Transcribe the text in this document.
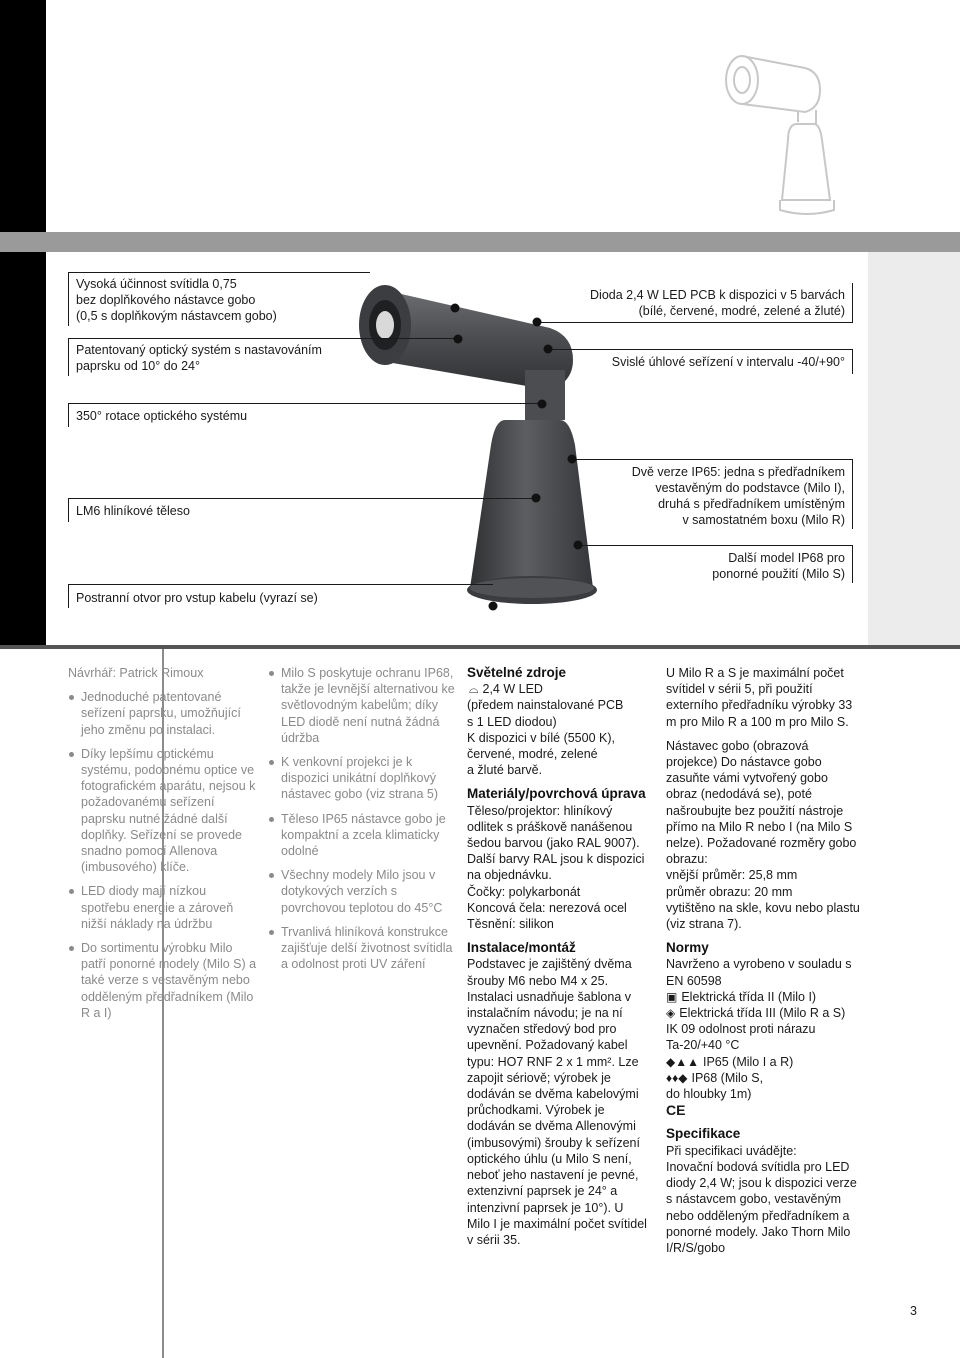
Vysoká účinnost svítidla 0,75
bez doplňkového nástavce gobo
(0,5 s doplňkovým nástavcem gobo)
Patentovaný optický systém s nastavováním
paprsku od 10° do 24°
350° rotace optického systému
LM6 hliníkové těleso
Postranní otvor pro vstup kabelu (vyrazí se)
Dioda 2,4 W LED PCB k dispozici v 5 barvách
(bílé, červené, modré, zelené a žluté)
Svislé úhlové seřízení v intervalu -40/+90°
Dvě verze IP65: jedna s předřadníkem
vestavěným do podstavce (Milo I),
druhá s předřadníkem umístěným
v samostatném boxu (Milo R)
Další model IP68 pro
ponorné použití (Milo S)

Návrhář: Patrick Rimoux

Jednoduché patentované seřízení paprsku, umožňující jeho změnu po instalaci.
Díky lepšímu optickému systému, podobnému optice ve fotografickém aparátu, nejsou k požadovanému seřízení paprsku nutné žádné další doplňky. Seřízení se provede snadno pomocí Allenova (imbusového) klíče.
LED diody mají nízkou spotřebu energie a zároveň nižší náklady na údržbu
Do sortimentu výrobku Milo patří ponorné modely (Milo S) a také verze s vestavěným nebo odděleným předřadníkem (Milo R a I)
Milo S poskytuje ochranu IP68, takže je levnější alternativou ke světlovodným kabelům; díky LED diodě není nutná žádná údržba
K venkovní projekci je k dispozici unikátní doplňkový nástavec gobo (viz strana 5)
Těleso IP65 nástavce gobo je kompaktní a zcela klimaticky odolné
Všechny modely Milo jsou v dotykových verzích s povrchovou teplotou do 45°C
Trvanlivá hliníková konstrukce zajišťuje delší životnost svítidla a odolnost proti UV záření
Světelné zdroje

⌓ 2,4 W LED
(předem nainstalované PCB
s 1 LED diodou)
K dispozici v bílé (5500 K),
červené, modré, zelené
a žluté barvě.

Materiály/povrchová úprava

Těleso/projektor: hliníkový odlitek s práškově nanášenou šedou barvou (jako RAL 9007). Další barvy RAL jsou k dispozici na objednávku.
Čočky: polykarbonát
Koncová čela: nerezová ocel
Těsnění: silikon

Instalace/montáž

Podstavec je zajištěný dvěma šrouby M6 nebo M4 x 25. Instalaci usnadňuje šablona v instalačním návodu; je na ní vyznačen středový bod pro upevnění. Požadovaný kabel typu: HO7 RNF 2 x 1 mm². Lze zapojit sériově; výrobek je dodáván se dvěma kabelovými průchodkami. Výrobek je dodáván se dvěma Allenovými (imbusovými) šrouby k seřízení optického úhlu (u Milo S není, neboť jeho nastavení je pevné, extenzivní paprsek je 24° a intenzivní paprsek je 10°). U Milo I je maximální počet svítidel v sérii 35.

U Milo R a S je maximální počet svítidel v sérii 5, při použití externího předřadníku výrobky 33 m pro Milo R a 100 m pro Milo S.

Nástavec gobo (obrazová projekce) Do nástavce gobo zasuňte vámi vytvořený gobo obraz (nedodává se), poté našroubujte bez použití nástroje přímo na Milo R nebo I (na Milo S nelze). Požadované rozměry gobo obrazu:
vnější průměr: 25,8 mm
průměr obrazu: 20 mm
vytištěno na skle, kovu nebo plastu (viz strana 7).

Normy
Navrženo a vyrobeno v souladu s EN 60598
▣ Elektrická třída II (Milo I)
◈ Elektrická třída III (Milo R a S)
IK 09 odolnost proti nárazu
Ta-20/+40 °C
◆▲▲ IP65 (Milo I a R)
♦♦◆ IP68 (Milo S,
do hloubky 1m)
CE
Specifikace

Při specifikaci uvádějte:
Inovační bodová svítidla pro LED diody 2,4 W; jsou k dispozici verze s nástavcem gobo, vestavěným nebo odděleným předřadníkem a ponorné modely. Jako Thorn Milo I/R/S/gobo

3
